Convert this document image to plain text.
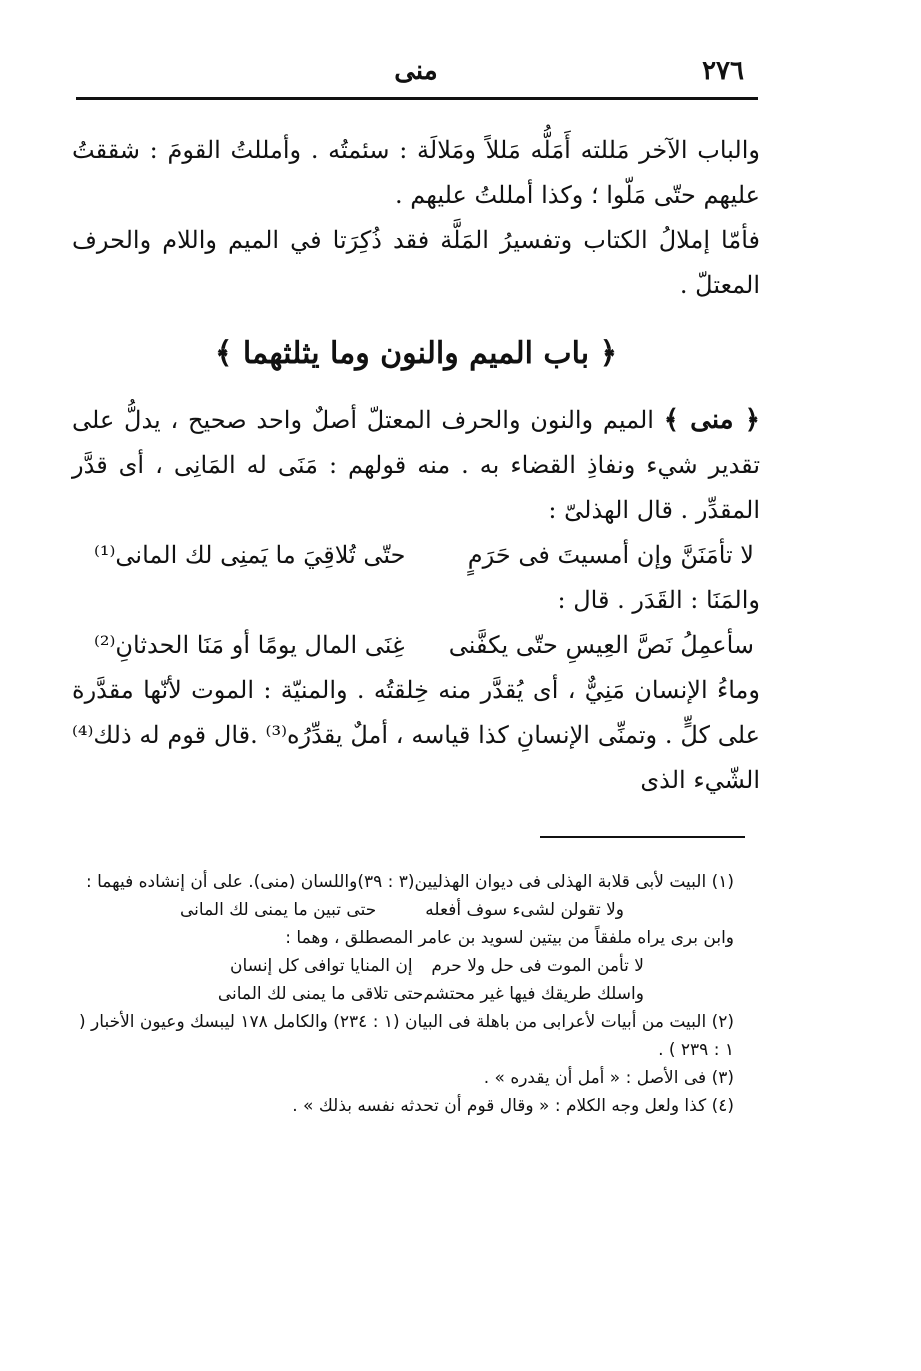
٢٧٦
منى

والباب الآخر مَللته أَمَلُّه مَللاً ومَلالَة : سئمتُه . وأمللتُ القومَ : شققتُ عليهم حتّى مَلّوا ؛ وكذا أمللتُ عليهم .

فأمّا إملالُ الكتاب وتفسيرُ المَلَّة فقد ذُكِرَتا في الميم واللام والحرف المعتلّ .

﴿ باب الميم والنون وما يثلثهما ﴾

﴿ منى ﴾ الميم والنون والحرف المعتلّ أصلٌ واحد صحيح ، يدلُّ على تقدير شيء ونفاذِ القضاء به . منه قولهم : مَنَى له المَانِى ، أى قدَّر المقدِّر . قال الهذلىّ :

لا تأمَنَنَّ وإن أمسيتَ فى حَرَمٍ
حتّى تُلاقِيَ ما يَمنِى لك المانى⁽¹⁾

والمَنَا : القَدَر . قال :

سأعمِلُ نَصَّ العِيسِ حتّى يكفَّنى
غِنَى المال يومًا أو مَنَا الحدثانِ⁽²⁾

وماءُ الإنسان مَنِيٌّ ، أى يُقدَّر منه خِلقتُه . والمنيّة : الموت لأنّها مقدَّرة على كلٍّ . وتمنِّى الإنسانِ كذا قياسه ، أملٌ يقدِّرُه⁽³⁾ .قال قوم له ذلك⁽⁴⁾ الشّيء الذى

(١) البيت لأبى قلابة الهذلى فى ديوان الهذليين(٣ : ٣٩)واللسان (منى). على أن إنشاده فيهما :

ولا تقولن لشىء سوف أفعله
حتى تبين ما يمنى لك المانى

وابن برى يراه ملفقاً من بيتين لسويد بن عامر المصطلق ، وهما :

لا تأمن الموت فى حل ولا حرم
إن المنايا توافى كل إنسان
واسلك طريقك فيها غير محتشم
حتى تلاقى ما يمنى لك المانى

(٢) البيت من أبيات لأعرابى من باهلة فى البيان (١ : ٢٣٤) والكامل ١٧٨ ليبسك وعيون الأخبار ( ١ : ٢٣٩ ) .

(٣) فى الأصل : « أمل أن يقدره » .

(٤) كذا ولعل وجه الكلام : « وقال قوم أن تحدثه نفسه بذلك » .
